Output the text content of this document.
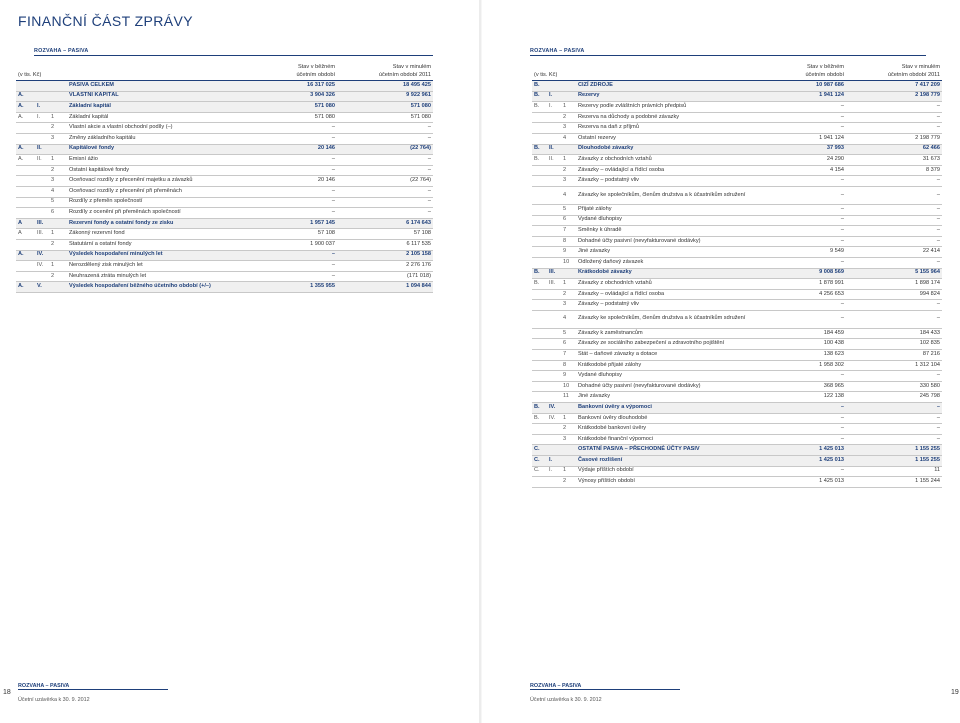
FINANČNÍ ČÁST ZPRÁVY
ROZVAHA – PASIVA
				Stav v běžném	Stav v minulém
(v tis. Kč)				účetním období	účetním období 2011
			PASIVA CELKEM	16 317 025	18 495 425
A.			VLASTNÍ KAPITÁL	3 904 326	9 922 961
A.	I.		Základní kapitál	571 080	571 080
A.	I.	1	Základní kapitál	571 080	571 080
		2	Vlastní akcie a vlastní obchodní podíly (–)	–	–
		3	Změny základního kapitálu	–	–
A.	II.		Kapitálové fondy	20 146	(22 764)
A.	II.	1	Emisní ážio	–	–
		2	Ostatní kapitálové fondy	–	–
		3	Oceňovací rozdíly z přecenění majetku a závazků	20 146	(22 764)
		4	Oceňovací rozdíly z přecenění při přeměnách	–	–
		5	Rozdíly z přeměn společností	–	–
		6	Rozdíly z ocenění při přeměnách společností	–	–
A	III.		Rezervní fondy a ostatní fondy ze zisku	1 957 145	6 174 643
A	III.	1	Zákonný rezervní fond	57 108	57 108
		2	Statutární a ostatní fondy	1 900 037	6 117 535
A.	IV.		Výsledek hospodaření minulých let	–	2 105 158
	IV.	1	Nerozdělený zisk minulých let	–	2 276 176
		2	Neuhrazená ztráta minulých let	–	(171 018)
A.	V.		Výsledek hospodaření běžného účetního období (+/–)	1 355 955	1 094 844
ROZVAHA – PASIVA
Účetní uzávěrka k 30. 9. 2012
18
ROZVAHA – PASIVA
				Stav v běžném	Stav v minulém
(v tis. Kč)				účetním období	účetním období 2011
B.			CIZÍ ZDROJE	10 987 686	7 417 209
B.	I.		Rezervy	1 941 124	2 198 779
B.	I.	1	Rezervy podle zvláštních právních předpisů	–	–
		2	Rezerva na důchody a podobné závazky	–	–
		3	Rezerva na daň z příjmů	–	–
		4	Ostatní rezervy	1 941 124	2 198 779
B.	II.		Dlouhodobé závazky	37 993	62 466
B.	II.	1	Závazky z obchodních vztahů	24 290	31 673
		2	Závazky – ovládající a řídící osoba	4 154	8 379
		3	Závazky – podstatný vliv	–	–
		4	Závazky ke společníkům, členům družstva a k účastníkům sdružení	–	–
		5	Přijaté zálohy	–	–
		6	Vydané dluhopisy	–	–
		7	Směnky k úhradě	–	–
		8	Dohadné účty pasivní (nevyfakturované dodávky)	–	–
		9	Jiné závazky	9 549	22 414
		10	Odložený daňový závazek	–	–
B.	III.		Krátkodobé závazky	9 008 569	5 155 964
B.	III.	1	Závazky z obchodních vztahů	1 878 991	1 898 174
		2	Závazky – ovládající a řídící osoba	4 256 653	994 824
		3	Závazky – podstatný vliv	–	–
		4	Závazky ke společníkům, členům družstva a k účastníkům sdružení	–	–
		5	Závazky k zaměstnancům	184 459	184 433
		6	Závazky ze sociálního zabezpečení a zdravotního pojištění	100 438	102 835
		7	Stát – daňové závazky a dotace	138 623	87 216
		8	Krátkodobé přijaté zálohy	1 958 302	1 312 104
		9	Vydané dluhopisy	–	–
		10	Dohadné účty pasivní (nevyfakturované dodávky)	368 965	330 580
		11	Jiné závazky	122 138	245 798
B.	IV.		Bankovní úvěry a výpomoci	–	–
B.	IV.	1	Bankovní úvěry dlouhodobé	–	–
		2	Krátkodobé bankovní úvěry	–	–
		3	Krátkodobé finanční výpomoci	–	–
C.			OSTATNÍ PASIVA – PŘECHODNÉ ÚČTY PASIV	1 425 013	1 155 255
C.	I.		Časové rozlišení	1 425 013	1 155 255
C.	I.	1	Výdaje příštích období	–	11
		2	Výnosy příštích období	1 425 013	1 155 244
ROZVAHA – PASIVA
Účetní uzávěrka k 30. 9. 2012
19
